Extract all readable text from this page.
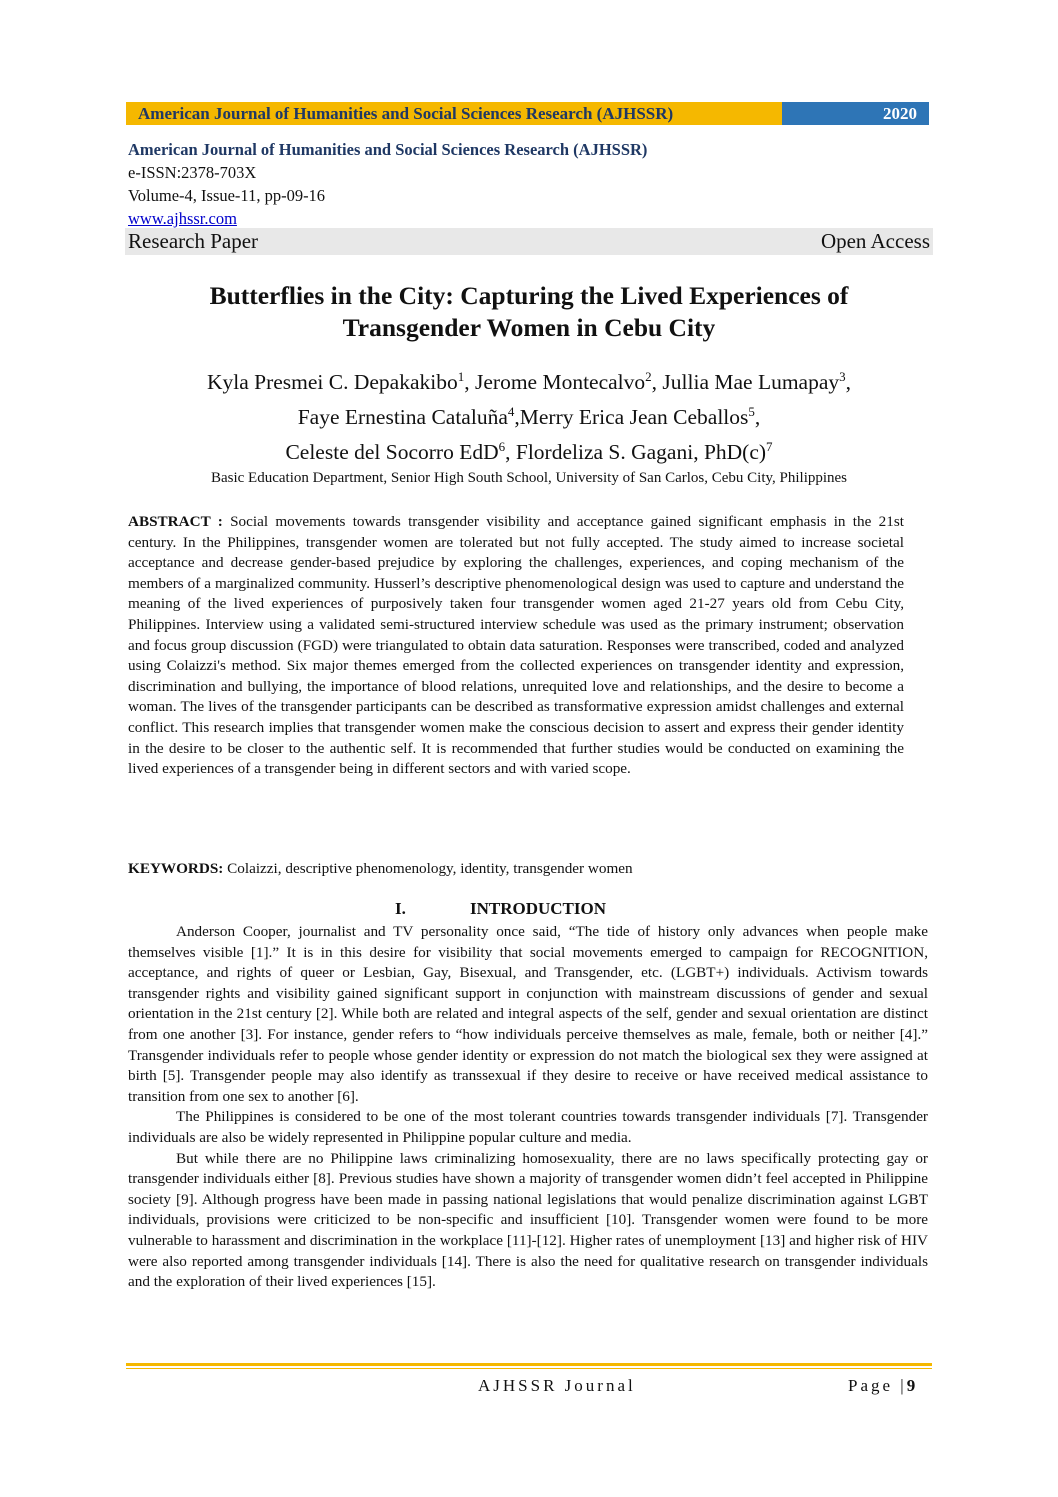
American Journal of Humanities and Social Sciences Research (AJHSSR)	2020
American Journal of Humanities and Social Sciences Research (AJHSSR)
e-ISSN:2378-703X
Volume-4, Issue-11, pp-09-16
www.ajhssr.com
Research Paper	Open Access
Butterflies in the City: Capturing the Lived Experiences of
Transgender Women in Cebu City
Kyla Presmei C. Depakakibo$^1$, Jerome Montecalvo$^2$, Jullia Mae Lumapay$^3$,
Faye Ernestina Cataluña$^4$,Merry Erica Jean Ceballos$^5$,
Celeste del Socorro EdD$^6$, Flordeliza S. Gagani, $PhD(c)^7$
Basic Education Department, Senior High South School, University of San Carlos, Cebu City, Philippines
ABSTRACT : Social movements towards transgender visibility and acceptance gained significant emphasis in the 21st century. In the Philippines, transgender women are tolerated but not fully accepted. The study aimed to increase societal acceptance and decrease gender-based prejudice by exploring the challenges, experiences, and coping mechanism of the members of a marginalized community. Husserl’s descriptive phenomenological design was used to capture and understand the meaning of the lived experiences of purposively taken four transgender women aged 21-27 years old from Cebu City, Philippines. Interview using a validated semi-structured interview schedule was used as the primary instrument; observation and focus group discussion (FGD) were triangulated to obtain data saturation. Responses were transcribed, coded and analyzed using Colaizzi's method. Six major themes emerged from the collected experiences on transgender identity and expression, discrimination and bullying, the importance of blood relations, unrequited love and relationships, and the desire to become a woman. The lives of the transgender participants can be described as transformative expression amidst challenges and external conflict. This research implies that transgender women make the conscious decision to assert and express their gender identity in the desire to be closer to the authentic self. It is recommended that further studies would be conducted on examining the lived experiences of a transgender being in different sectors and with varied scope.
KEYWORDS: Colaizzi, descriptive phenomenology, identity, transgender women
I.	INTRODUCTION

Anderson Cooper, journalist and TV personality once said, “The tide of history only advances when people make themselves visible [1].” It is in this desire for visibility that social movements emerged to campaign for RECOGNITION, acceptance, and rights of queer or Lesbian, Gay, Bisexual, and Transgender, etc. (LGBT+) individuals. Activism towards transgender rights and visibility gained significant support in conjunction with mainstream discussions of gender and sexual orientation in the 21st century [2]. While both are related and integral aspects of the self, gender and sexual orientation are distinct from one another [3]. For instance, gender refers to “how individuals perceive themselves as male, female, both or neither [4].” Transgender individuals refer to people whose gender identity or expression do not match the biological sex they were assigned at birth [5]. Transgender people may also identify as transsexual if they desire to receive or have received medical assistance to transition from one sex to another [6].

The Philippines is considered to be one of the most tolerant countries towards transgender individuals [7]. Transgender individuals are also be widely represented in Philippine popular culture and media.

But while there are no Philippine laws criminalizing homosexuality, there are no laws specifically protecting gay or transgender individuals either [8]. Previous studies have shown a majority of transgender women didn’t feel accepted in Philippine society [9]. Although progress have been made in passing national legislations that would penalize discrimination against LGBT individuals, provisions were criticized to be non-specific and insufficient [10]. Transgender women were found to be more vulnerable to harassment and discrimination in the workplace [11]-[12]. Higher rates of unemployment [13] and higher risk of HIV were also reported among transgender individuals [14]. There is also the need for qualitative research on transgender individuals and the exploration of their lived experiences [15].

AJHSSR Journal	Page |9
